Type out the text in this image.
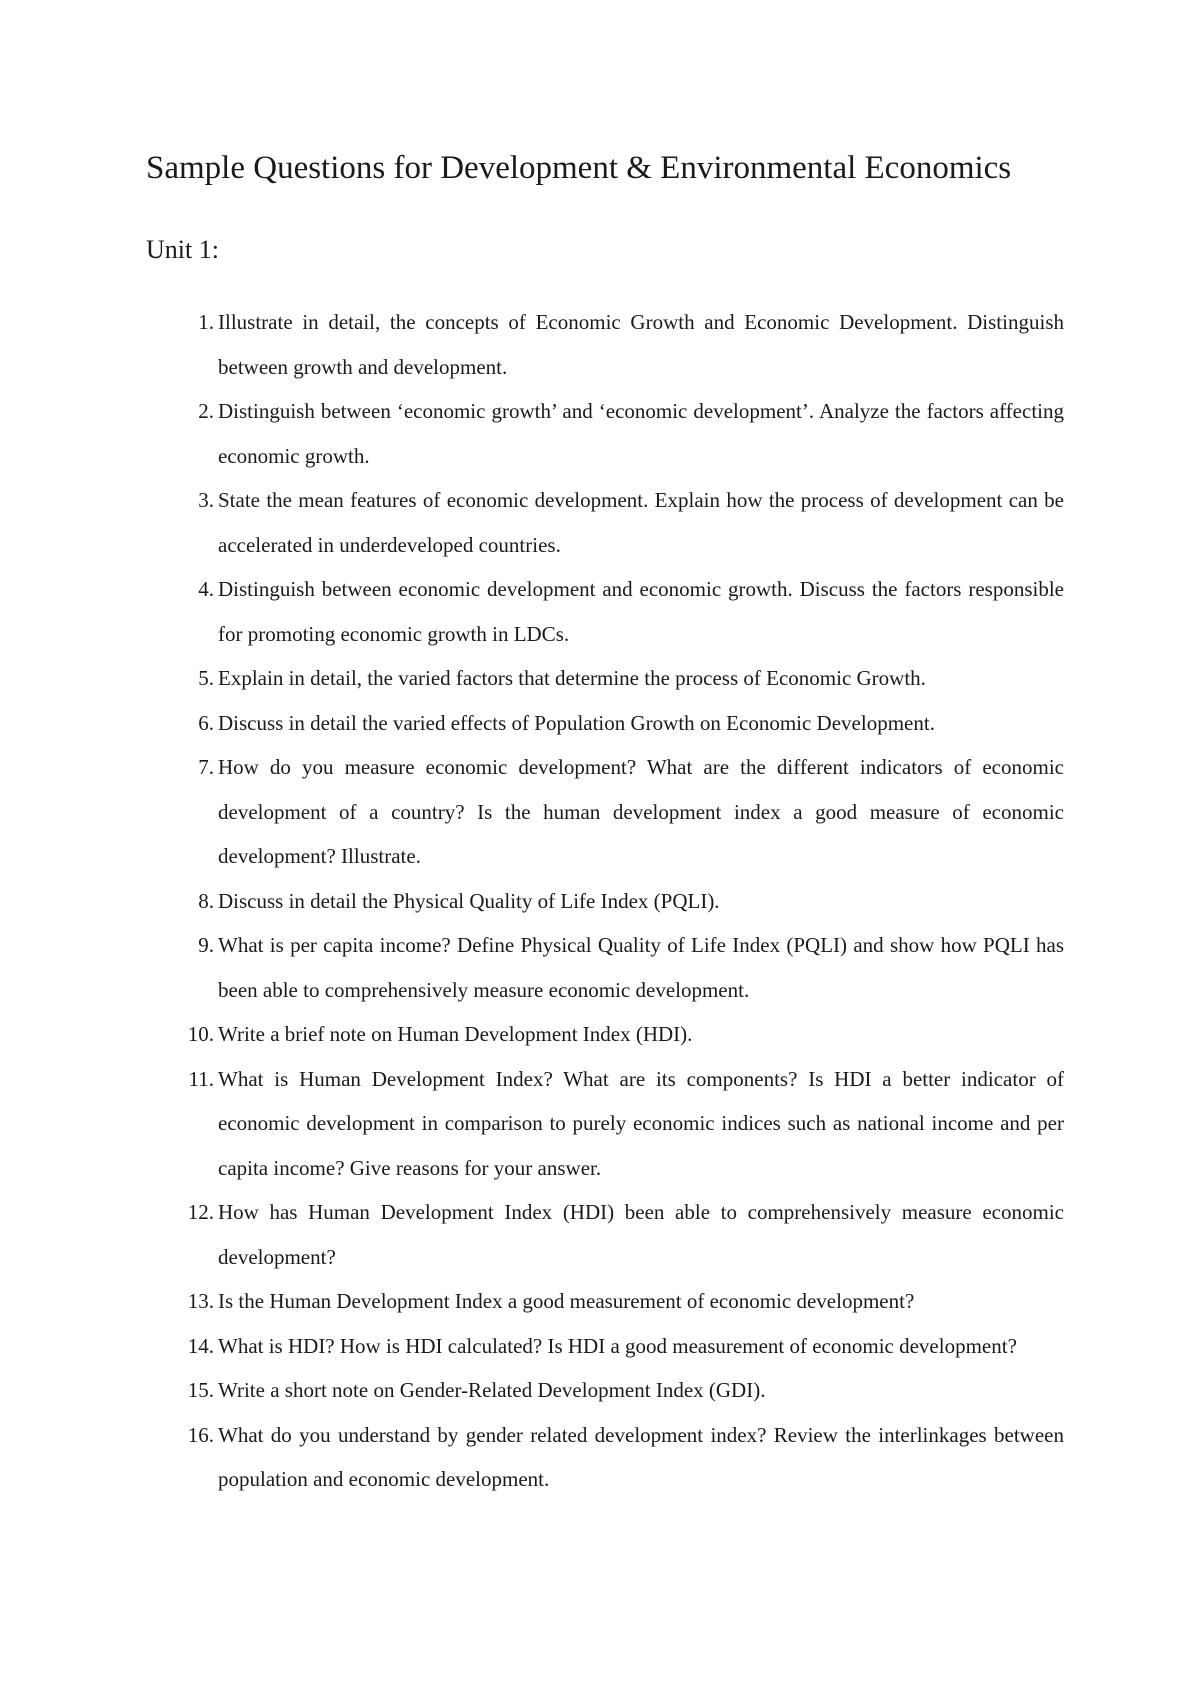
Sample Questions for Development & Environmental Economics
Unit 1:
1. Illustrate in detail, the concepts of Economic Growth and Economic Development. Distinguish between growth and development.
2. Distinguish between ‘economic growth’ and ‘economic development’. Analyze the factors affecting economic growth.
3. State the mean features of economic development. Explain how the process of development can be accelerated in underdeveloped countries.
4. Distinguish between economic development and economic growth. Discuss the factors responsible for promoting economic growth in LDCs.
5. Explain in detail, the varied factors that determine the process of Economic Growth.
6. Discuss in detail the varied effects of Population Growth on Economic Development.
7. How do you measure economic development? What are the different indicators of economic development of a country? Is the human development index a good measure of economic development? Illustrate.
8. Discuss in detail the Physical Quality of Life Index (PQLI).
9. What is per capita income? Define Physical Quality of Life Index (PQLI) and show how PQLI has been able to comprehensively measure economic development.
10. Write a brief note on Human Development Index (HDI).
11. What is Human Development Index? What are its components? Is HDI a better indicator of economic development in comparison to purely economic indices such as national income and per capita income? Give reasons for your answer.
12. How has Human Development Index (HDI) been able to comprehensively measure economic development?
13. Is the Human Development Index a good measurement of economic development?
14. What is HDI? How is HDI calculated? Is HDI a good measurement of economic development?
15. Write a short note on Gender-Related Development Index (GDI).
16. What do you understand by gender related development index? Review the interlinkages between population and economic development.
